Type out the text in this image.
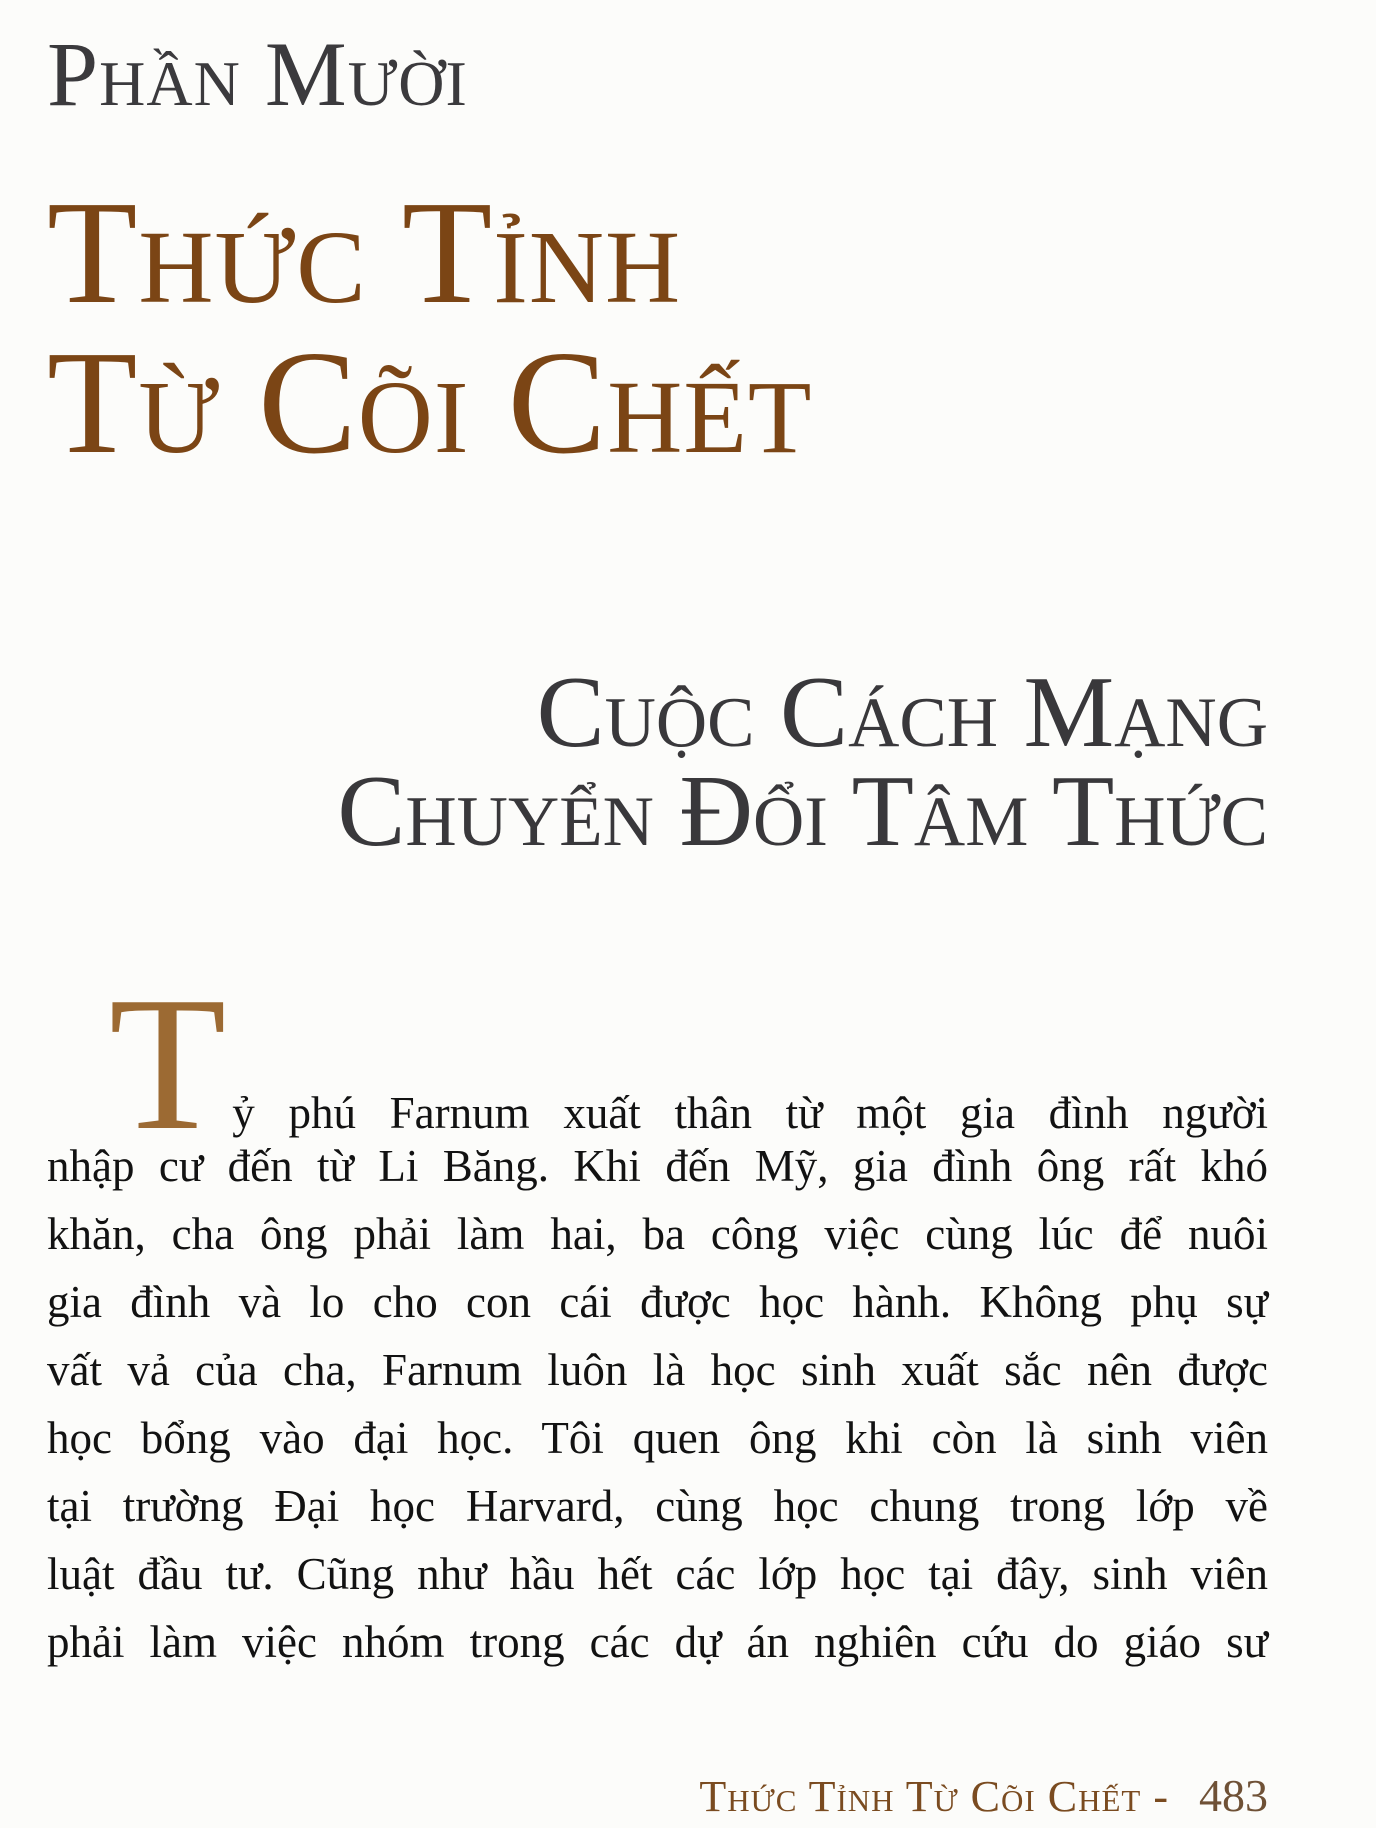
Phần Mười
Thức Tỉnh
Từ Cõi Chết
Cuộc Cách Mạng
Chuyển Đổi Tâm Thức
Tỷ phú Farnum xuất thân từ một gia đình người
nhập cư đến từ Li Băng. Khi đến Mỹ, gia đình ông rất khó
khăn, cha ông phải làm hai, ba công việc cùng lúc để nuôi
gia đình và lo cho con cái được học hành. Không phụ sự
vất vả của cha, Farnum luôn là học sinh xuất sắc nên được
học bổng vào đại học. Tôi quen ông khi còn là sinh viên
tại trường Đại học Harvard, cùng học chung trong lớp về
luật đầu tư. Cũng như hầu hết các lớp học tại đây, sinh viên
phải làm việc nhóm trong các dự án nghiên cứu do giáo sư
Thức Tỉnh Từ Cõi Chết - 483
